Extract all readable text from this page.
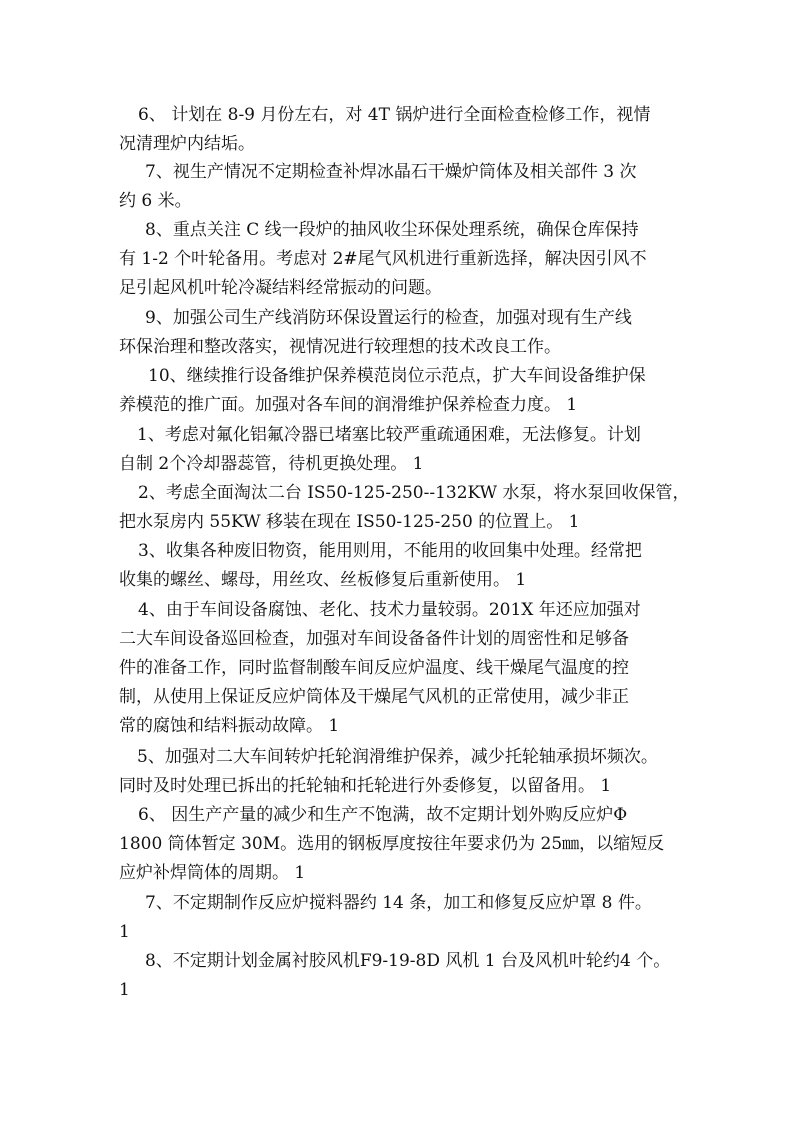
6、 计划在 8-9 月份左右，对 4T 锅炉进行全面检查检修工作，视情
况清理炉内结垢。
7、视生产情况不定期检查补焊冰晶石干燥炉筒体及相关部件 3 次
约 6 米。
8、重点关注 C 线一段炉的抽风收尘环保处理系统，确保仓库保持
有 1-2 个叶轮备用。考虑对 2#尾气风机进行重新选择，解决因引风不
足引起风机叶轮冷凝结料经常振动的问题。
9、加强公司生产线消防环保设置运行的检查，加强对现有生产线
环保治理和整改落实，视情况进行较理想的技术改良工作。
10、继续推行设备维护保养模范岗位示范点，扩大车间设备维护保
养模范的推广面。加强对各车间的润滑维护保养检查力度。 1
1、考虑对氟化铝氟冷器已堵塞比较严重疏通困难，无法修复。计划
自制 2个冷却器蕊管，待机更换处理。 1
2、考虑全面淘汰二台 IS50-125-250--132KW 水泵，将水泵回收保管，
把水泵房内 55KW 移装在现在 IS50-125-250 的位置上。 1
3、收集各种废旧物资，能用则用，不能用的收回集中处理。经常把
收集的螺丝、螺母，用丝攻、丝板修复后重新使用。 1
4、由于车间设备腐蚀、老化、技术力量较弱。201X 年还应加强对
二大车间设备巡回检查，加强对车间设备备件计划的周密性和足够备
件的准备工作，同时监督制酸车间反应炉温度、线干燥尾气温度的控
制，从使用上保证反应炉筒体及干燥尾气风机的正常使用，减少非正
常的腐蚀和结料振动故障。 1
5、加强对二大车间转炉托轮润滑维护保养，减少托轮轴承损坏频次。
同时及时处理已拆出的托轮轴和托轮进行外委修复，以留备用。 1
6、 因生产产量的减少和生产不饱满，故不定期计划外购反应炉Φ
1800 筒体暂定 30M。选用的钢板厚度按往年要求仍为 25㎜，以缩短反
应炉补焊筒体的周期。 1
7、不定期制作反应炉搅料器约 14 条，加工和修复反应炉罩 8 件。
1
8、不定期计划金属衬胶风机F9-19-8D 风机 1 台及风机叶轮约4 个。
1
